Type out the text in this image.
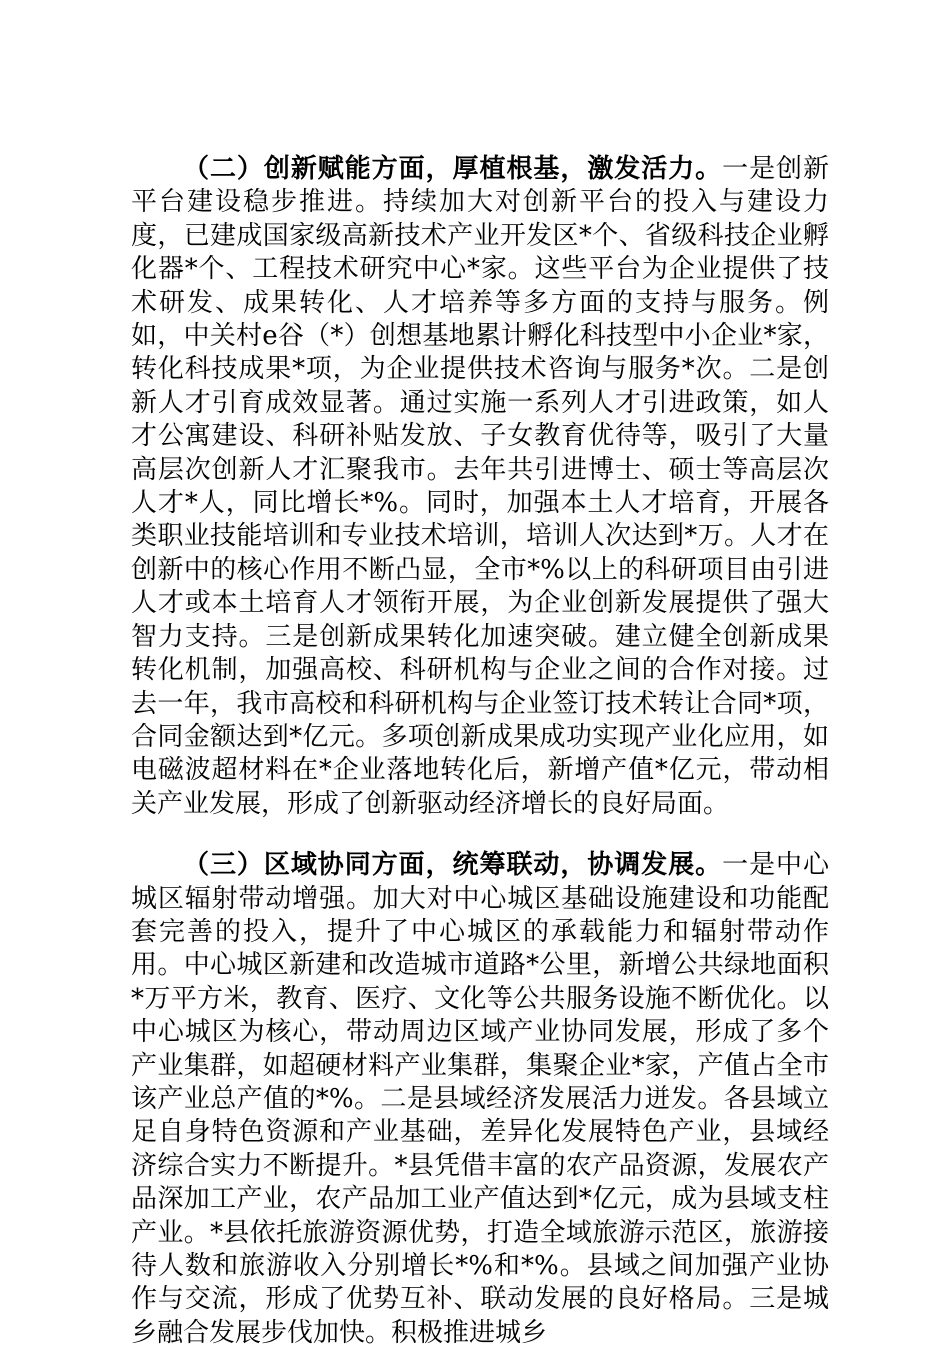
（二）创新赋能方面，厚植根基，激发活力。一是创新平台建设稳步推进。持续加大对创新平台的投入与建设力度，已建成国家级高新技术产业开发区*个、省级科技企业孵化器*个、工程技术研究中心*家。这些平台为企业提供了技术研发、成果转化、人才培养等多方面的支持与服务。例如，中关村e谷（*）创想基地累计孵化科技型中小企业*家，转化科技成果*项，为企业提供技术咨询与服务*次。二是创新人才引育成效显著。通过实施一系列人才引进政策，如人才公寓建设、科研补贴发放、子女教育优待等，吸引了大量高层次创新人才汇聚我市。去年共引进博士、硕士等高层次人才*人，同比增长*%。同时，加强本土人才培育，开展各类职业技能培训和专业技术培训，培训人次达到*万。人才在创新中的核心作用不断凸显，全市*%以上的科研项目由引进人才或本土培育人才领衔开展，为企业创新发展提供了强大智力支持。三是创新成果转化加速突破。建立健全创新成果转化机制，加强高校、科研机构与企业之间的合作对接。过去一年，我市高校和科研机构与企业签订技术转让合同*项，合同金额达到*亿元。多项创新成果成功实现产业化应用，如电磁波超材料在*企业落地转化后，新增产值*亿元，带动相关产业发展，形成了创新驱动经济增长的良好局面。

（三）区域协同方面，统筹联动，协调发展。一是中心城区辐射带动增强。加大对中心城区基础设施建设和功能配套完善的投入，提升了中心城区的承载能力和辐射带动作用。中心城区新建和改造城市道路*公里，新增公共绿地面积*万平方米，教育、医疗、文化等公共服务设施不断优化。以中心城区为核心，带动周边区域产业协同发展，形成了多个产业集群，如超硬材料产业集群，集聚企业*家，产值占全市该产业总产值的*%。二是县域经济发展活力迸发。各县域立足自身特色资源和产业基础，差异化发展特色产业，县域经济综合实力不断提升。*县凭借丰富的农产品资源，发展农产品深加工产业，农产品加工业产值达到*亿元，成为县域支柱产业。*县依托旅游资源优势，打造全域旅游示范区，旅游接待人数和旅游收入分别增长*%和*%。县域之间加强产业协作与交流，形成了优势互补、联动发展的良好格局。三是城乡融合发展步伐加快。积极推进城乡
